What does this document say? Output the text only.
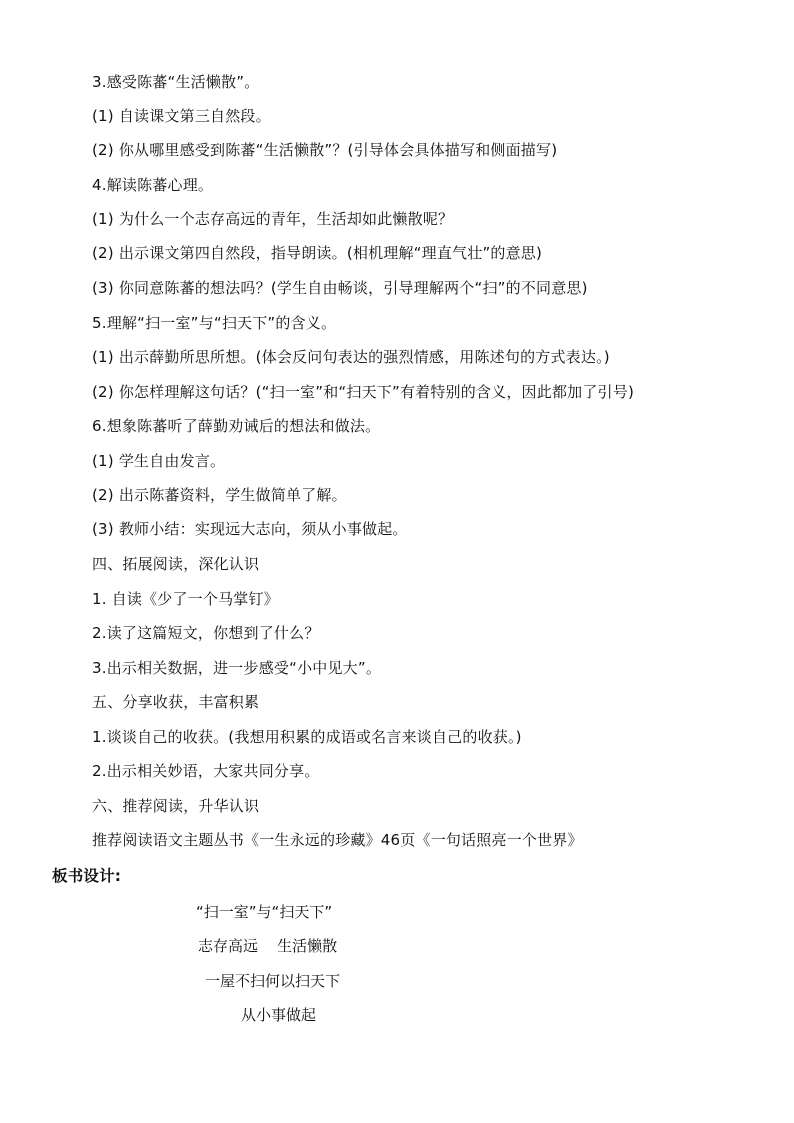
3.感受陈蕃“生活懒散”。
(1) 自读课文第三自然段。
(2) 你从哪里感受到陈蕃“生活懒散”？(引导体会具体描写和侧面描写)
4.解读陈蕃心理。
(1) 为什么一个志存高远的青年，生活却如此懒散呢？
(2) 出示课文第四自然段，指导朗读。(相机理解“理直气壮”的意思)
(3) 你同意陈蕃的想法吗？(学生自由畅谈，引导理解两个“扫”的不同意思)
5.理解“扫一室”与“扫天下”的含义。
(1) 出示薛勤所思所想。(体会反问句表达的强烈情感，用陈述句的方式表达。)
(2) 你怎样理解这句话？(“扫一室”和“扫天下”有着特别的含义，因此都加了引号)
6.想象陈蕃听了薛勤劝诫后的想法和做法。
(1) 学生自由发言。
(2) 出示陈蕃资料，学生做简单了解。
(3) 教师小结：实现远大志向，须从小事做起。
四、拓展阅读，深化认识
1. 自读《少了一个马掌钉》
2.读了这篇短文，你想到了什么？
3.出示相关数据，进一步感受“小中见大”。
五、分享收获，丰富积累
1.谈谈自己的收获。(我想用积累的成语或名言来谈自己的收获。)
2.出示相关妙语，大家共同分享。
六、推荐阅读，升华认识
推荐阅读语文主题丛书《一生永远的珍藏》46页《一句话照亮一个世界》
板书设计:
“扫一室”与“扫天下”
志存高远    生活懒散
一屋不扫何以扫天下
从小事做起
